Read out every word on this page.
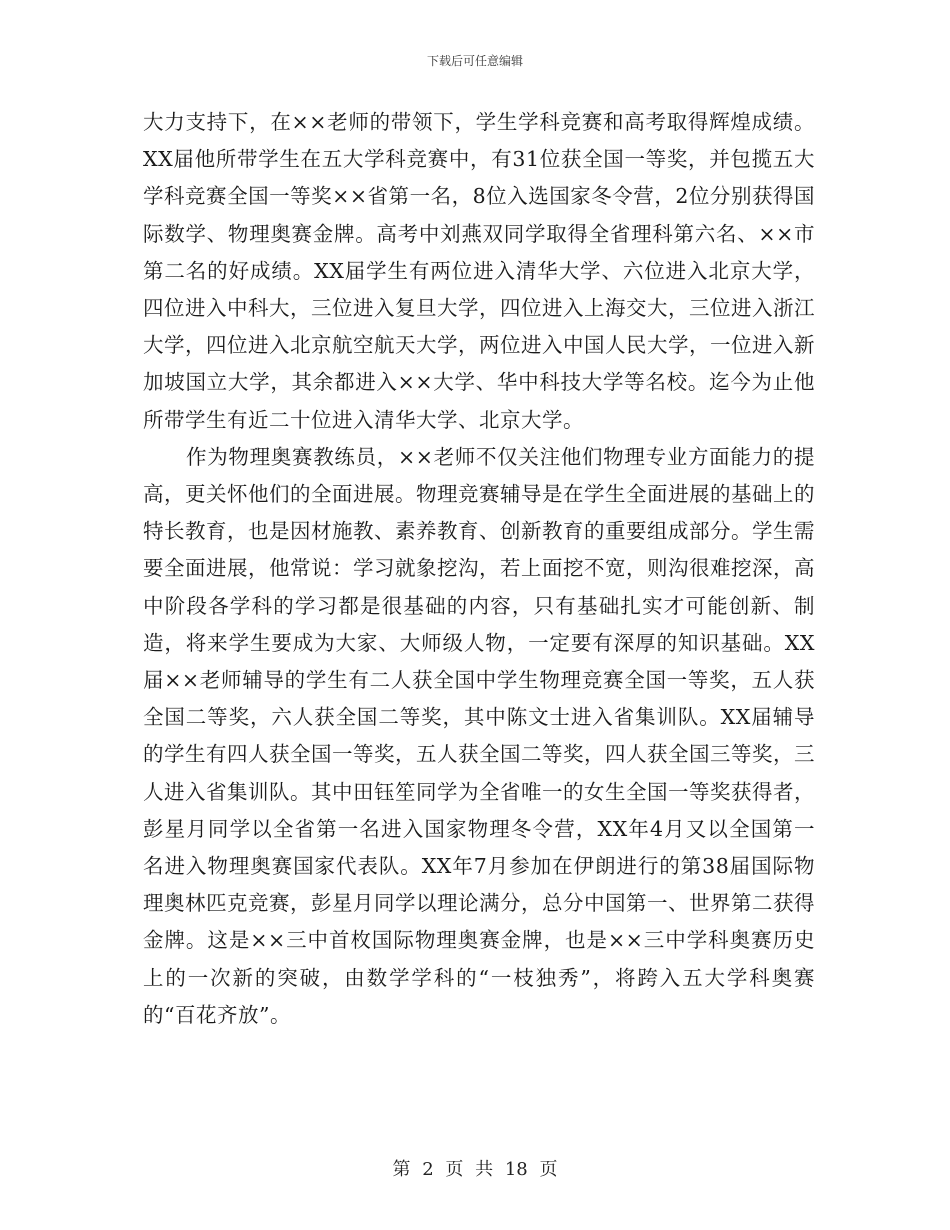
下载后可任意编辑

大力支持下，在××老师的带领下，学生学科竞赛和高考取得辉煌成绩。XX届他所带学生在五大学科竞赛中，有31位获全国一等奖，并包揽五大学科竞赛全国一等奖××省第一名，8位入选国家冬令营，2位分别获得国际数学、物理奥赛金牌。高考中刘燕双同学取得全省理科第六名、××市第二名的好成绩。XX届学生有两位进入清华大学、六位进入北京大学，四位进入中科大，三位进入复旦大学，四位进入上海交大，三位进入浙江大学，四位进入北京航空航天大学，两位进入中国人民大学，一位进入新加坡国立大学，其余都进入××大学、华中科技大学等名校。迄今为止他所带学生有近二十位进入清华大学、北京大学。

作为物理奥赛教练员，××老师不仅关注他们物理专业方面能力的提高，更关怀他们的全面进展。物理竞赛辅导是在学生全面进展的基础上的特长教育，也是因材施教、素养教育、创新教育的重要组成部分。学生需要全面进展，他常说：学习就象挖沟，若上面挖不宽，则沟很难挖深，高中阶段各学科的学习都是很基础的内容，只有基础扎实才可能创新、制造，将来学生要成为大家、大师级人物，一定要有深厚的知识基础。XX届××老师辅导的学生有二人获全国中学生物理竞赛全国一等奖，五人获全国二等奖，六人获全国二等奖，其中陈文士进入省集训队。XX届辅导的学生有四人获全国一等奖，五人获全国二等奖，四人获全国三等奖，三人进入省集训队。其中田钰笙同学为全省唯一的女生全国一等奖获得者，彭星月同学以全省第一名进入国家物理冬令营，XX年4月又以全国第一名进入物理奥赛国家代表队。XX年7月参加在伊朗进行的第38届国际物理奥林匹克竞赛，彭星月同学以理论满分，总分中国第一、世界第二获得金牌。这是××三中首枚国际物理奥赛金牌，也是××三中学科奥赛历史上的一次新的突破，由数学学科的“一枝独秀”，将跨入五大学科奥赛的“百花齐放”。

第 2 页 共 18 页
